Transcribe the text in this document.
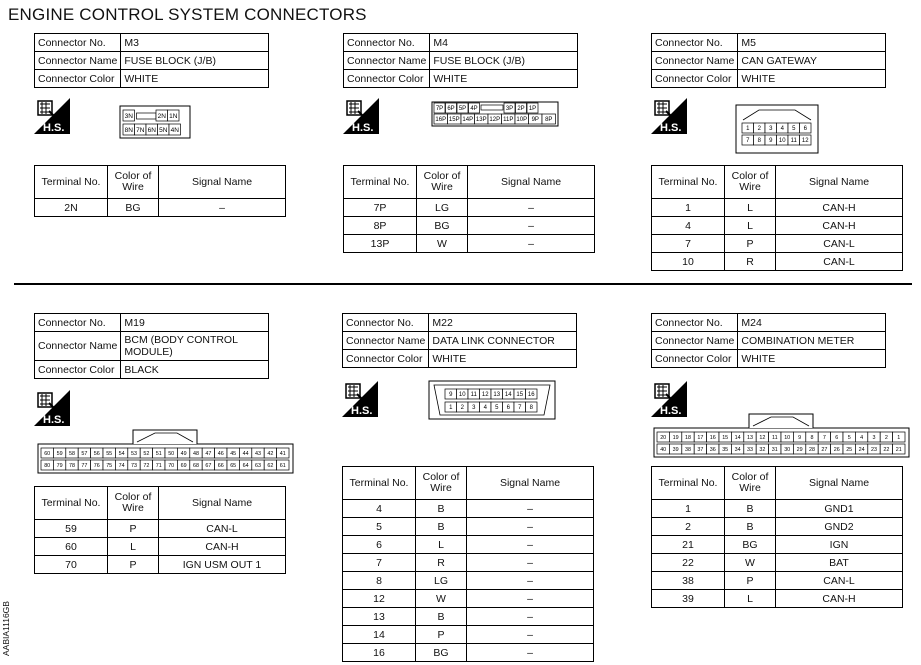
ENGINE CONTROL SYSTEM CONNECTORS
AABIA1116GB
Connector No.	M3
Connector Name	FUSE BLOCK (J/B)
Connector Color	WHITE
H.S.
3N	2N 1N
8N 7N 6N 5N 4N
Terminal No.	Color of Wire	Signal Name
2N	BG	–
Connector No.	M4
Connector Name	FUSE BLOCK (J/B)
Connector Color	WHITE
H.S.
7P 6P 5P 4P	3P 2P 1P
16P 15P 14P 13P 12P 11P 10P 9P 8P
Terminal No.	Color of Wire	Signal Name
7P	LG	–
8P	BG	–
13P	W	–
Connector No.	M5
Connector Name	CAN GATEWAY
Connector Color	WHITE
H.S.	1 2 3 4 5 6
7 8 9 10 11 12
Terminal No.	Color of Wire	Signal Name
1	L	CAN-H
4	L	CAN-H
7	P	CAN-L
10	R	CAN-L
Connector No.	M19
Connector Name	BCM (BODY CONTROL MODULE)
Connector Color	BLACK
H.S.
60 59 58 57 56 55 54 53 52 51 50 49 48 47 46 45 44 43 42 41
80 79 78 77 76 75 74 73 72 71 70 69 68 67 66 65 64 63 62 61
Terminal No.	Color of Wire	Signal Name
59	P	CAN-L
60	L	CAN-H
70	P	IGN USM OUT 1
Connector No.	M22
Connector Name	DATA LINK CONNECTOR
Connector Color	WHITE
H.S.
9 10 11 12 13 14 15 16
1 2 3 4 5 6 7 8
Terminal No.	Color of Wire	Signal Name
4	B	–
5	B	–
6	L	–
7	R	–
8	LG	–
12	W	–
13	B	–
14	P	–
16	BG	–
Connector No.	M24
Connector Name	COMBINATION METER
Connector Color	WHITE
H.S.
20 19 18 17 16 15 14 13 12 11 10 9 8 7 6 5 4 3 2 1
40 39 38 37 36 35 34 33 32 31 30 29 28 27 26 25 24 23 22 21
Terminal No.	Color of Wire	Signal Name
1	B	GND1
2	B	GND2
21	BG	IGN
22	W	BAT
38	P	CAN-L
39	L	CAN-H
